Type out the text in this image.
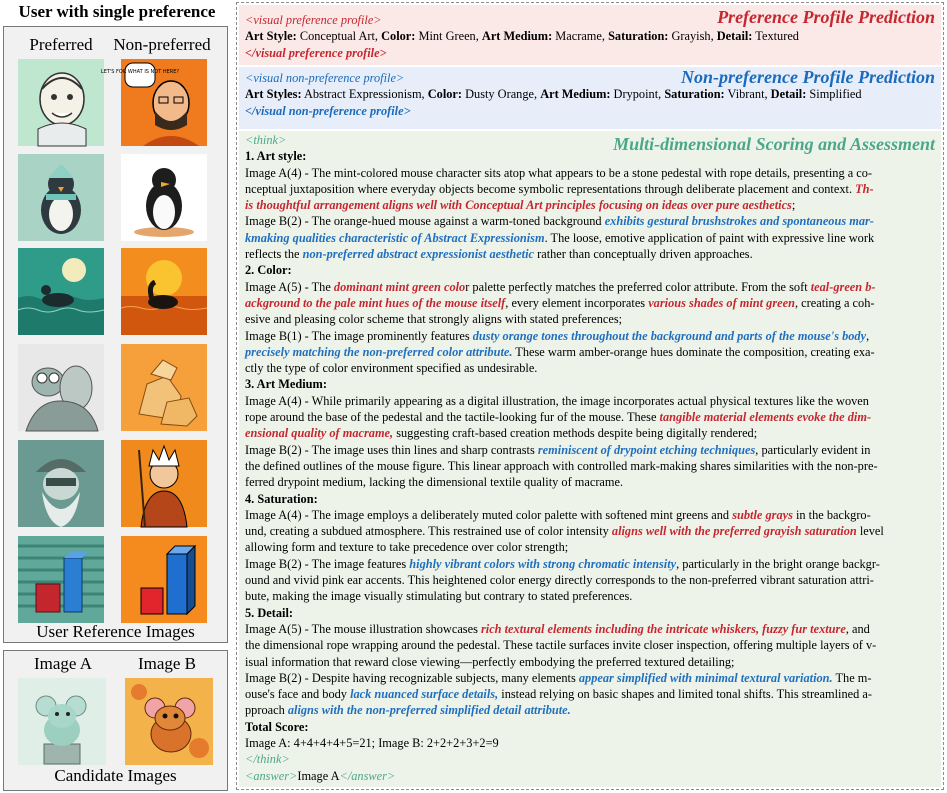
User with single preference
Preferred	Non-preferred
LET'S FOR WHAT IS NOT HERE?
User Reference Images
Image A	Image B
Candidate Images
Preference Profile Prediction
<visual preference profile>
Art Style: Conceptual Art, Color: Mint Green, Art Medium: Macrame, Saturation: Grayish, Detail: Textured
</visual preference profile>
Non-preference Profile Prediction
<visual non-preference profile>
Art Styles: Abstract Expressionism, Color: Dusty Orange, Art Medium: Drypoint, Saturation: Vibrant, Detail: Simplified
</visual non-preference profile>
Multi-dimensional Scoring and Assessment
<think>
1. Art style:
Image A(4) - The mint-colored mouse character sits atop what appears to be a stone pedestal with rope details, presenting a co-
nceptual juxtaposition where everyday objects become symbolic representations through deliberate placement and context. Th-
is thoughtful arrangement aligns well with Conceptual Art principles focusing on ideas over pure aesthetics;
Image B(2) - The orange-hued mouse against a warm-toned background exhibits gestural brushstrokes and spontaneous mar-
kmaking qualities characteristic of Abstract Expressionism. The loose, emotive application of paint with expressive line work
reflects the non-preferred abstract expressionist aesthetic rather than conceptually driven approaches.
2. Color:
Image A(5) - The dominant mint green color palette perfectly matches the preferred color attribute. From the soft teal-green b-
ackground to the pale mint hues of the mouse itself, every element incorporates various shades of mint green, creating a coh-
esive and pleasing color scheme that strongly aligns with stated preferences;
Image B(1) - The image prominently features dusty orange tones throughout the background and parts of the mouse's body,
precisely matching the non-preferred color attribute. These warm amber-orange hues dominate the composition, creating exa-
ctly the type of color environment specified as undesirable.
3. Art Medium:
Image A(4) - While primarily appearing as a digital illustration, the image incorporates actual physical textures like the woven
rope around the base of the pedestal and the tactile-looking fur of the mouse. These tangible material elements evoke the dim-
ensional quality of macrame, suggesting craft-based creation methods despite being digitally rendered;
Image B(2) - The image uses thin lines and sharp contrasts reminiscent of drypoint etching techniques, particularly evident in
the defined outlines of the mouse figure. This linear approach with controlled mark-making shares similarities with the non-pre-
ferred drypoint medium, lacking the dimensional textile quality of macrame.
4. Saturation:
Image A(4) - The image employs a deliberately muted color palette with softened mint greens and subtle grays in the backgro-
und, creating a subdued atmosphere. This restrained use of color intensity aligns well with the preferred grayish saturation level
allowing form and texture to take precedence over color strength;
Image B(2) - The image features highly vibrant colors with strong chromatic intensity, particularly in the bright orange backgr-
ound and vivid pink ear accents. This heightened color energy directly corresponds to the non-preferred vibrant saturation attri-
bute, making the image visually stimulating but contrary to stated preferences.
5. Detail:
Image A(5) - The mouse illustration showcases rich textural elements including the intricate whiskers, fuzzy fur texture, and
the dimensional rope wrapping around the pedestal. These tactile surfaces invite closer inspection, offering multiple layers of v-
isual information that reward close viewing—perfectly embodying the preferred textured detailing;
Image B(2) - Despite having recognizable subjects, many elements appear simplified with minimal textural variation. The m-
ouse's face and body lack nuanced surface details, instead relying on basic shapes and limited tonal shifts. This streamlined a-
pproach aligns with the non-preferred simplified detail attribute.
Total Score:
Image A: 4+4+4+4+5=21; Image B: 2+2+2+3+2=9
</think>
<answer>Image A</answer>
